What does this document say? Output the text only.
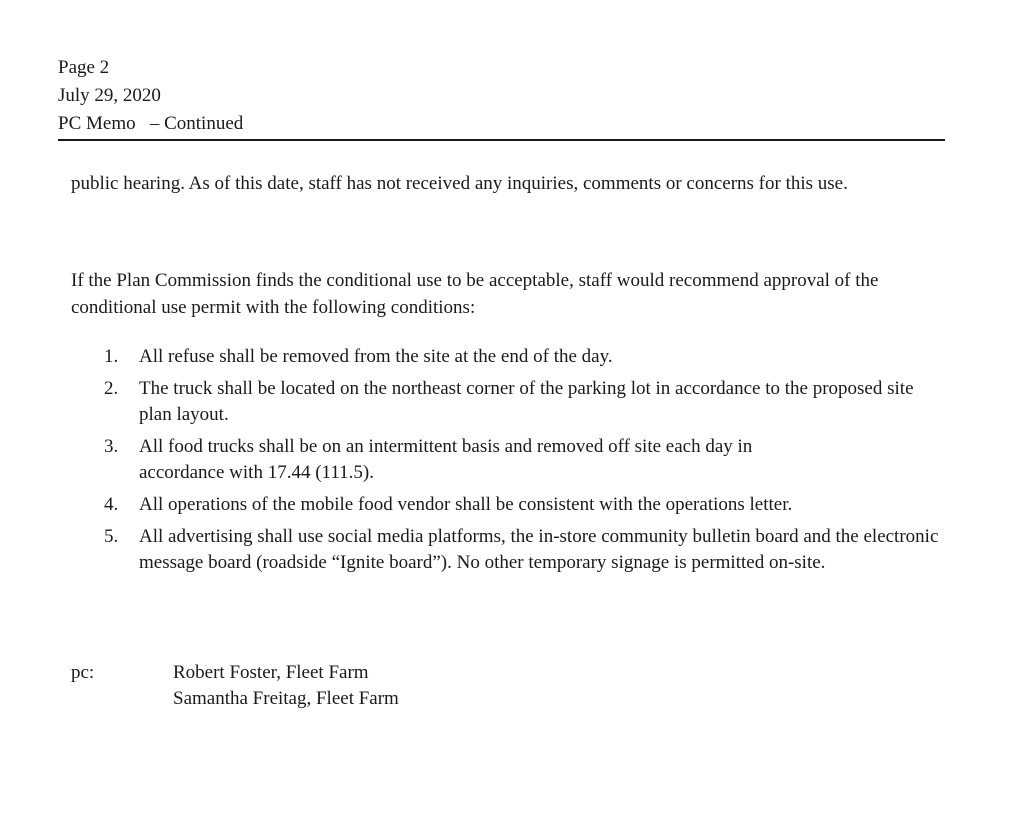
Page 2
July 29, 2020
PC Memo   – Continued
public hearing. As of this date, staff has not received any inquiries, comments or concerns for this use.
If the Plan Commission finds the conditional use to be acceptable, staff would recommend approval of the conditional use permit with the following conditions:
1.	All refuse shall be removed from the site at the end of the day.
2.	The truck shall be located on the northeast corner of the parking lot in accordance to the proposed site plan layout.
3.	All food trucks shall be on an intermittent basis and removed off site each day in accordance with 17.44 (111.5).
4.	All operations of the mobile food vendor shall be consistent with the operations letter.
5.	All advertising shall use social media platforms, the in-store community bulletin board and the electronic message board (roadside “Ignite board”). No other temporary signage is permitted on-site.
pc:	Robert Foster, Fleet Farm
Samantha Freitag, Fleet Farm
